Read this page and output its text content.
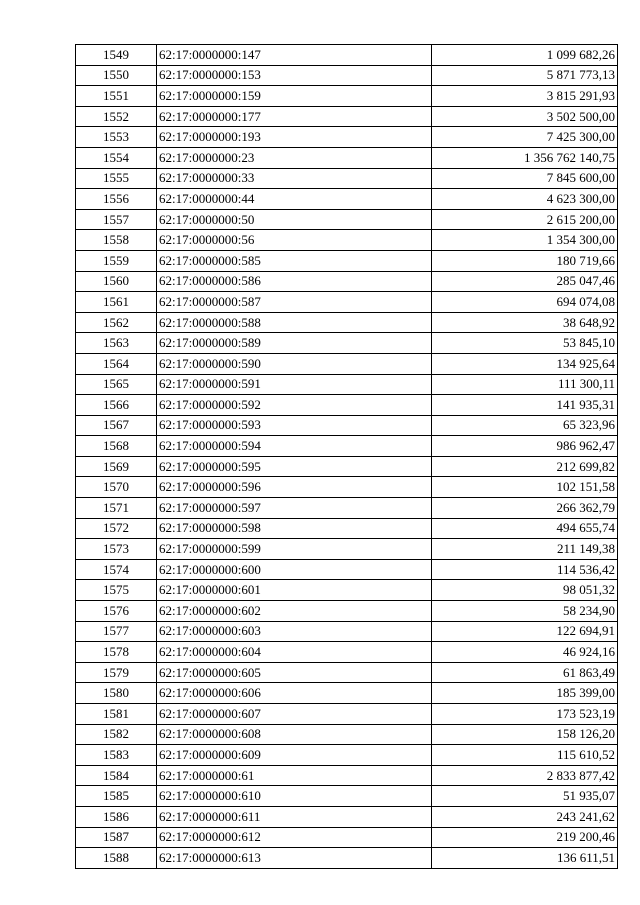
1549	62:17:0000000:147	1 099 682,26
1550	62:17:0000000:153	5 871 773,13
1551	62:17:0000000:159	3 815 291,93
1552	62:17:0000000:177	3 502 500,00
1553	62:17:0000000:193	7 425 300,00
1554	62:17:0000000:23	1 356 762 140,75
1555	62:17:0000000:33	7 845 600,00
1556	62:17:0000000:44	4 623 300,00
1557	62:17:0000000:50	2 615 200,00
1558	62:17:0000000:56	1 354 300,00
1559	62:17:0000000:585	180 719,66
1560	62:17:0000000:586	285 047,46
1561	62:17:0000000:587	694 074,08
1562	62:17:0000000:588	38 648,92
1563	62:17:0000000:589	53 845,10
1564	62:17:0000000:590	134 925,64
1565	62:17:0000000:591	111 300,11
1566	62:17:0000000:592	141 935,31
1567	62:17:0000000:593	65 323,96
1568	62:17:0000000:594	986 962,47
1569	62:17:0000000:595	212 699,82
1570	62:17:0000000:596	102 151,58
1571	62:17:0000000:597	266 362,79
1572	62:17:0000000:598	494 655,74
1573	62:17:0000000:599	211 149,38
1574	62:17:0000000:600	114 536,42
1575	62:17:0000000:601	98 051,32
1576	62:17:0000000:602	58 234,90
1577	62:17:0000000:603	122 694,91
1578	62:17:0000000:604	46 924,16
1579	62:17:0000000:605	61 863,49
1580	62:17:0000000:606	185 399,00
1581	62:17:0000000:607	173 523,19
1582	62:17:0000000:608	158 126,20
1583	62:17:0000000:609	115 610,52
1584	62:17:0000000:61	2 833 877,42
1585	62:17:0000000:610	51 935,07
1586	62:17:0000000:611	243 241,62
1587	62:17:0000000:612	219 200,46
1588	62:17:0000000:613	136 611,51
